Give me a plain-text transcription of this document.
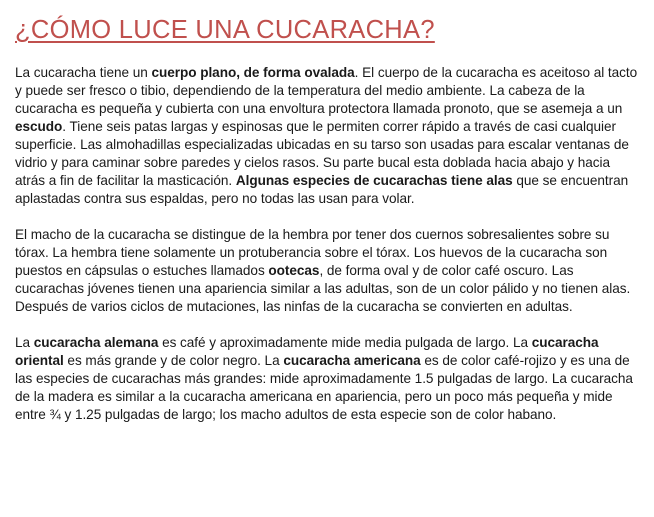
¿CÓMO LUCE UNA CUCARACHA?

La cucaracha tiene un cuerpo plano, de forma ovalada. El cuerpo de la cucaracha es aceitoso al tacto y puede ser fresco o tibio, dependiendo de la temperatura del medio ambiente. La cabeza de la cucaracha es pequeña y cubierta con una envoltura protectora llamada pronoto, que se asemeja a un escudo. Tiene seis patas largas y espinosas que le permiten correr rápido a través de casi cualquier superficie. Las almohadillas especializadas ubicadas en su tarso son usadas para escalar ventanas de vidrio y para caminar sobre paredes y cielos rasos. Su parte bucal esta doblada hacia abajo y hacia atrás a fin de facilitar la masticación. Algunas especies de cucarachas tiene alas que se encuentran aplastadas contra sus espaldas, pero no todas las usan para volar.

El macho de la cucaracha se distingue de la hembra por tener dos cuernos sobresalientes sobre su tórax. La hembra tiene solamente un protuberancia sobre el tórax. Los huevos de la cucaracha son puestos en cápsulas o estuches llamados ootecas, de forma oval y de color café oscuro. Las cucarachas jóvenes tienen una apariencia similar a las adultas, son de un color pálido y no tienen alas. Después de varios ciclos de mutaciones, las ninfas de la cucaracha se convierten en adultas.

La cucaracha alemana es café y aproximadamente mide media pulgada de largo. La cucaracha oriental es más grande y de color negro. La cucaracha americana es de color café-rojizo y es una de las especies de cucarachas más grandes: mide aproximadamente 1.5 pulgadas de largo. La cucaracha de la madera es similar a la cucaracha americana en apariencia, pero un poco más pequeña y mide entre ¾ y 1.25 pulgadas de largo; los macho adultos de esta especie son de color habano.
